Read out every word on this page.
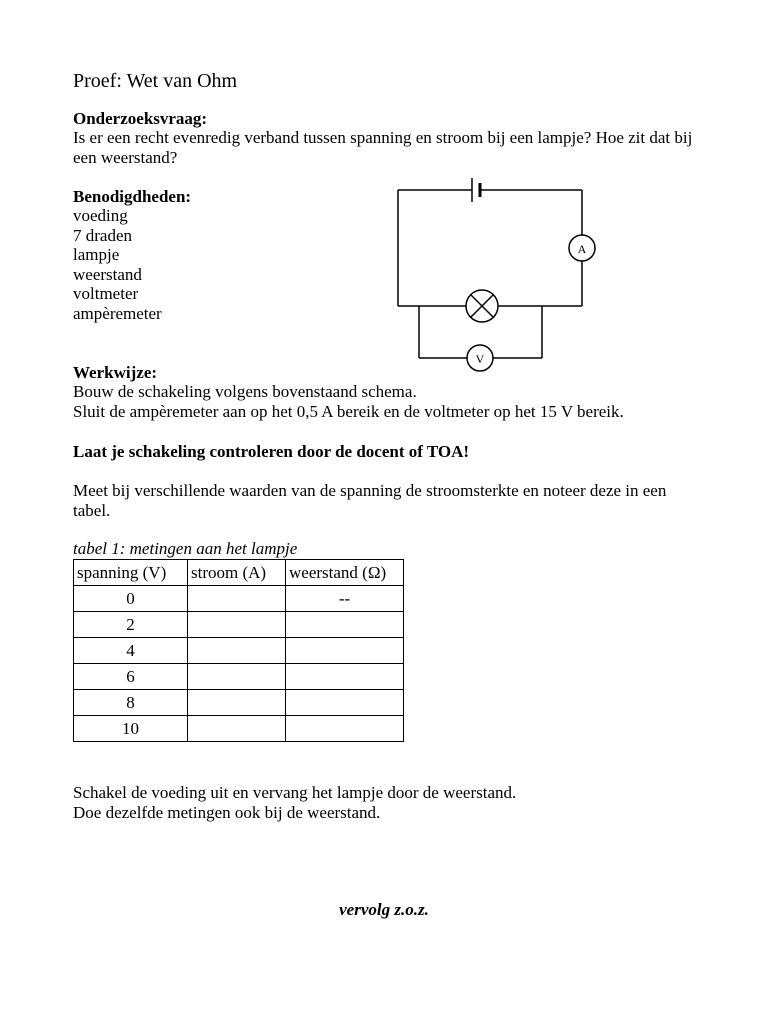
Proef: Wet van Ohm
Onderzoeksvraag:
Is er een recht evenredig verband tussen spanning en stroom bij een lampje? Hoe zit dat bij een weerstand?
Benodigdheden:
voeding
7 draden
lampje
weerstand
voltmeter
ampèremeter
A
V
Werkwijze:
Bouw de schakeling volgens bovenstaand schema.
Sluit de ampèremeter aan op het 0,5 A bereik en de voltmeter op het 15 V bereik.
Laat je schakeling controleren door de docent of TOA!
Meet bij verschillende waarden van de spanning de stroomsterkte en noteer deze in een tabel.
tabel 1: metingen aan het lampje
spanning (V)	stroom (A)	weerstand (Ω)
0		--
2		
4		
6		
8		
10		
Schakel de voeding uit en vervang het lampje door de weerstand.
Doe dezelfde metingen ook bij de weerstand.
vervolg z.o.z.
